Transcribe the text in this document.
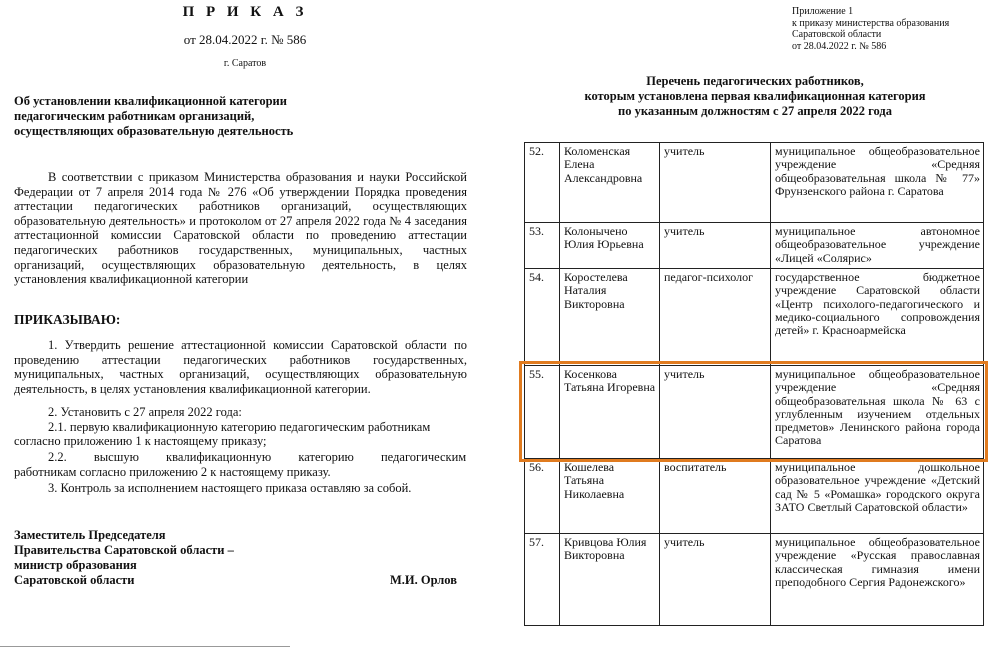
П Р И К А З
от 28.04.2022 г. № 586
г. Саратов
Об установлении квалификационной категории педагогическим работникам организаций, осуществляющих образовательную деятельность
В соответствии с приказом Министерства образования и науки Российской Федерации от 7 апреля 2014 года № 276 «Об утверждении Порядка проведения аттестации педагогических работников организаций, осуществляющих образовательную деятельность» и протоколом от 27 апреля 2022 года № 4 заседания аттестационной комиссии Саратовской области по проведению аттестации педагогических работников государственных, муниципальных, частных организаций, осуществляющих образовательную деятельность, в целях установления квалификационной категории
ПРИКАЗЫВАЮ:
1. Утвердить решение аттестационной комиссии Саратовской области по проведению аттестации педагогических работников государственных, муниципальных, частных организаций, осуществляющих образовательную деятельность, в целях установления квалификационной категории.
2. Установить с 27 апреля 2022 года:
2.1. первую квалификационную категорию педагогическим работникам
согласно приложению 1 к настоящему приказу;
2.2. высшую квалификационную категорию педагогическим
работникам согласно приложению 2 к настоящему приказу.
3. Контроль за исполнением настоящего приказа оставляю за собой.
Заместитель Председателя
Правительства Саратовской области –
министр образования
Саратовской области	М.И. Орлов
Приложение 1
к приказу министерства образования
Саратовской области
от 28.04.2022 г. № 586
Перечень педагогических работников,
которым установлена первая квалификационная категория
по указанным должностям с 27 апреля 2022 года
52.	Коломенская Елена Александровна	учитель	муниципальное общеобразовательное учреждение «Средняя общеобразовательная школа № 77» Фрунзенского района г. Саратова
53.	Колонычено Юлия Юрьевна	учитель	муниципальное автономное общеобразовательное учреждение «Лицей «Солярис»
54.	Коростелева Наталия Викторовна	педагог-психолог	государственное бюджетное учреждение Саратовской области «Центр психолого-педагогического и медико-социального сопровождения детей» г. Красноармейска
55.	Косенкова Татьяна Игоревна	учитель	муниципальное общеобразовательное учреждение «Средняя общеобразовательная школа № 63 с углубленным изучением отдельных предметов» Ленинского района города Саратова
56.	Кошелева Татьяна Николаевна	воспитатель	муниципальное дошкольное образовательное учреждение «Детский сад № 5 «Ромашка» городского округа ЗАТО Светлый Саратовской области»
57.	Кривцова Юлия Викторовна	учитель	муниципальное общеобразовательное учреждение «Русская православная классическая гимназия имени преподобного Сергия Радонежского»
